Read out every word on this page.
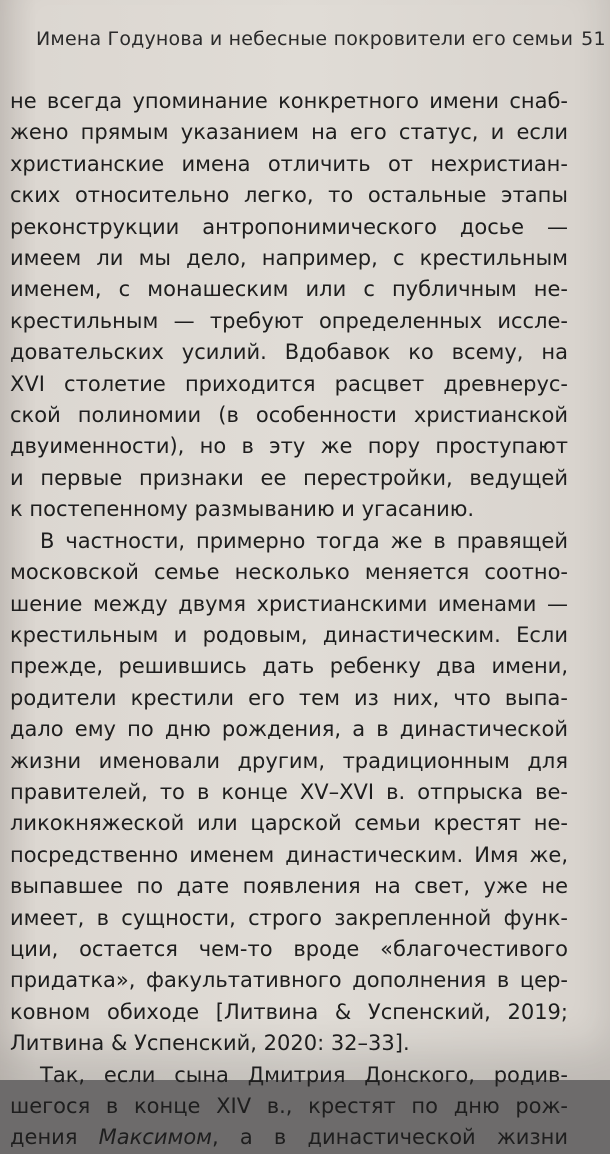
Имена Годунова и небесные покровители его семьи 51

не всегда упоминание конкретного имени снаб-

жено прямым указанием на его статус, и если

христианские имена отличить от нехристиан-

ских относительно легко, то остальные этапы

реконструкции антропонимического досье —

имеем ли мы дело, например, с крестильным

именем, с монашеским или с публичным не-

крестильным — требуют определенных иссле-

довательских усилий. Вдобавок ко всему, на

XVI столетие приходится расцвет древнерус-

ской полиномии (в особенности христианской

двуименности), но в эту же пору проступают

и первые признаки ее перестройки, ведущей

к постепенному размыванию и угасанию.

В частности, примерно тогда же в правящей

московской семье несколько меняется соотно-

шение между двумя христианскими именами —

крестильным и родовым, династическим. Если

прежде, решившись дать ребенку два имени,

родители крестили его тем из них, что выпа-

дало ему по дню рождения, а в династической

жизни именовали другим, традиционным для

правителей, то в конце XV–XVI в. отпрыска ве-

ликокняжеской или царской семьи крестят не-

посредственно именем династическим. Имя же,

выпавшее по дате появления на свет, уже не

имеет, в сущности, строго закрепленной функ-

ции, остается чем-то вроде «благочестивого

придатка», факультативного дополнения в цер-

ковном обиходе [Литвина & Успенский, 2019;

Литвина & Успенский, 2020: 32–33].

Так, если сына Дмитрия Донского, родив-

шегося в конце XIV в., крестят по дню рож-

дения Максимом, а в династической жизни
